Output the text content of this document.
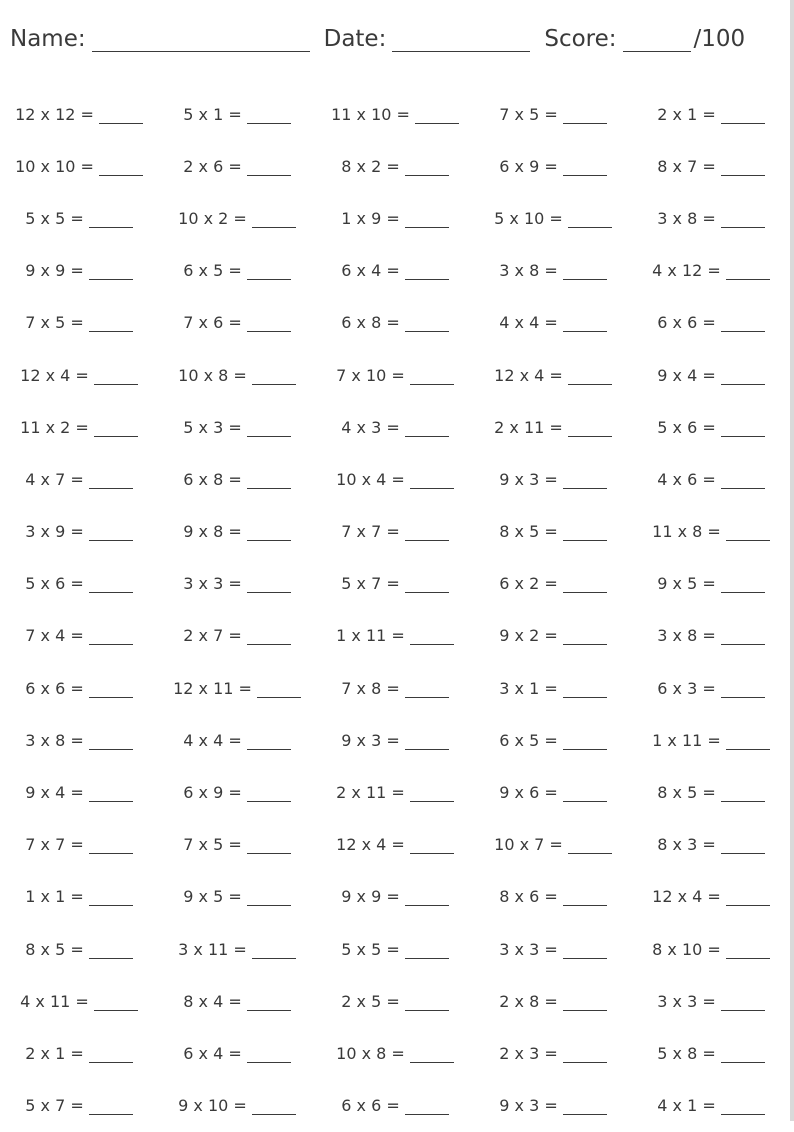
Name:	Date:	Score:	/100
12 x 12 =	5 x 1 =	11 x 10 =	7 x 5 =	2 x 1 =
10 x 10 =	2 x 6 =	8 x 2 =	6 x 9 =	8 x 7 =
5 x 5 =	10 x 2 =	1 x 9 =	5 x 10 =	3 x 8 =
9 x 9 =	6 x 5 =	6 x 4 =	3 x 8 =	4 x 12 =
7 x 5 =	7 x 6 =	6 x 8 =	4 x 4 =	6 x 6 =
12 x 4 =	10 x 8 =	7 x 10 =	12 x 4 =	9 x 4 =
11 x 2 =	5 x 3 =	4 x 3 =	2 x 11 =	5 x 6 =
4 x 7 =	6 x 8 =	10 x 4 =	9 x 3 =	4 x 6 =
3 x 9 =	9 x 8 =	7 x 7 =	8 x 5 =	11 x 8 =
5 x 6 =	3 x 3 =	5 x 7 =	6 x 2 =	9 x 5 =
7 x 4 =	2 x 7 =	1 x 11 =	9 x 2 =	3 x 8 =
6 x 6 =	12 x 11 =	7 x 8 =	3 x 1 =	6 x 3 =
3 x 8 =	4 x 4 =	9 x 3 =	6 x 5 =	1 x 11 =
9 x 4 =	6 x 9 =	2 x 11 =	9 x 6 =	8 x 5 =
7 x 7 =	7 x 5 =	12 x 4 =	10 x 7 =	8 x 3 =
1 x 1 =	9 x 5 =	9 x 9 =	8 x 6 =	12 x 4 =
8 x 5 =	3 x 11 =	5 x 5 =	3 x 3 =	8 x 10 =
4 x 11 =	8 x 4 =	2 x 5 =	2 x 8 =	3 x 3 =
2 x 1 =	6 x 4 =	10 x 8 =	2 x 3 =	5 x 8 =
5 x 7 =	9 x 10 =	6 x 6 =	9 x 3 =	4 x 1 =
